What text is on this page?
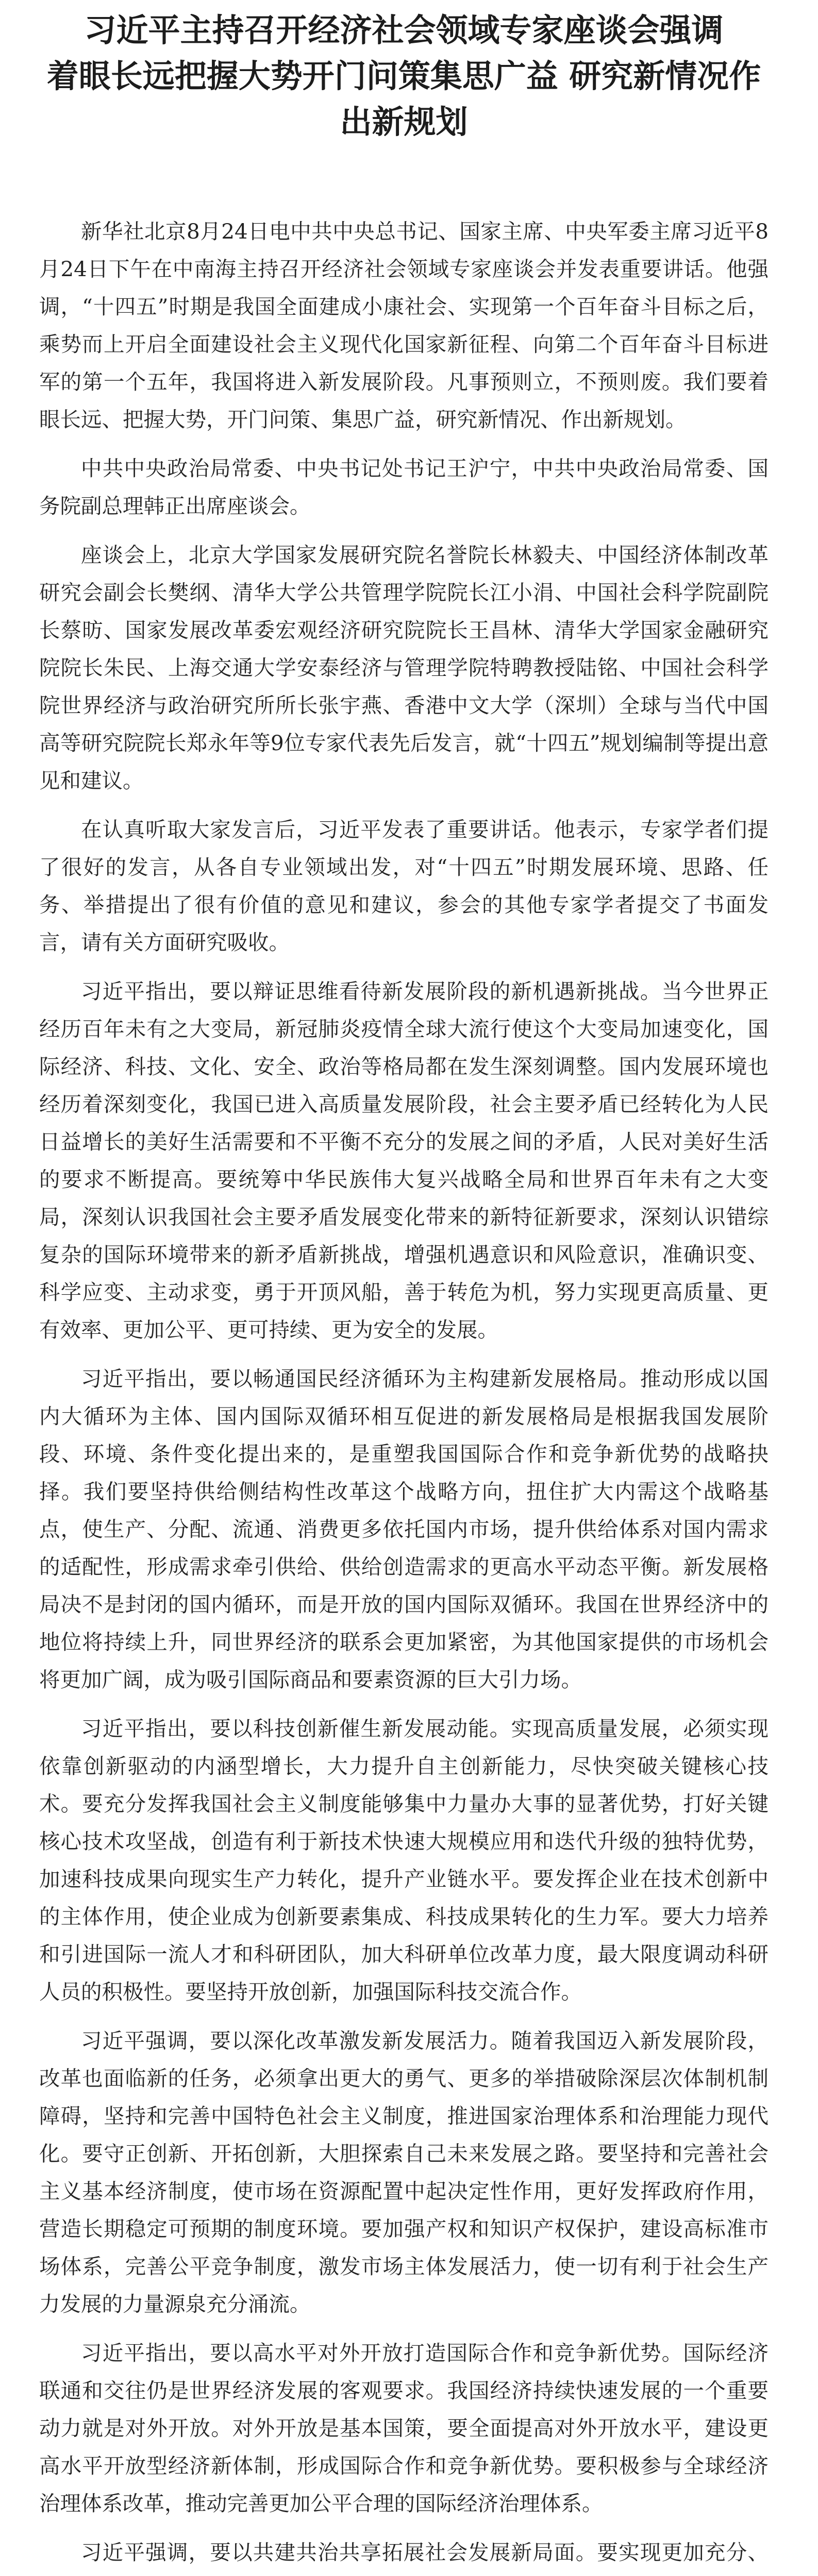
习近平主持召开经济社会领域专家座谈会强调
着眼长远把握大势开门问策集思广益 研究新情况作
出新规划

新华社北京8月24日电中共中央总书记、国家主席、中央军委主席习近平8月24日下午在中南海主持召开经济社会领域专家座谈会并发表重要讲话。他强调，“十四五”时期是我国全面建成小康社会、实现第一个百年奋斗目标之后，乘势而上开启全面建设社会主义现代化国家新征程、向第二个百年奋斗目标进军的第一个五年，我国将进入新发展阶段。凡事预则立，不预则废。我们要着眼长远、把握大势，开门问策、集思广益，研究新情况、作出新规划。

中共中央政治局常委、中央书记处书记王沪宁，中共中央政治局常委、国务院副总理韩正出席座谈会。

座谈会上，北京大学国家发展研究院名誉院长林毅夫、中国经济体制改革研究会副会长樊纲、清华大学公共管理学院院长江小涓、中国社会科学院副院长蔡昉、国家发展改革委宏观经济研究院院长王昌林、清华大学国家金融研究院院长朱民、上海交通大学安泰经济与管理学院特聘教授陆铭、中国社会科学院世界经济与政治研究所所长张宇燕、香港中文大学（深圳）全球与当代中国高等研究院院长郑永年等9位专家代表先后发言，就“十四五”规划编制等提出意见和建议。

在认真听取大家发言后，习近平发表了重要讲话。他表示，专家学者们提了很好的发言，从各自专业领域出发，对“十四五”时期发展环境、思路、任务、举措提出了很有价值的意见和建议，参会的其他专家学者提交了书面发言，请有关方面研究吸收。

习近平指出，要以辩证思维看待新发展阶段的新机遇新挑战。当今世界正经历百年未有之大变局，新冠肺炎疫情全球大流行使这个大变局加速变化，国际经济、科技、文化、安全、政治等格局都在发生深刻调整。国内发展环境也经历着深刻变化，我国已进入高质量发展阶段，社会主要矛盾已经转化为人民日益增长的美好生活需要和不平衡不充分的发展之间的矛盾，人民对美好生活的要求不断提高。要统筹中华民族伟大复兴战略全局和世界百年未有之大变局，深刻认识我国社会主要矛盾发展变化带来的新特征新要求，深刻认识错综复杂的国际环境带来的新矛盾新挑战，增强机遇意识和风险意识，准确识变、科学应变、主动求变，勇于开顶风船，善于转危为机，努力实现更高质量、更有效率、更加公平、更可持续、更为安全的发展。

习近平指出，要以畅通国民经济循环为主构建新发展格局。推动形成以国内大循环为主体、国内国际双循环相互促进的新发展格局是根据我国发展阶段、环境、条件变化提出来的，是重塑我国国际合作和竞争新优势的战略抉择。我们要坚持供给侧结构性改革这个战略方向，扭住扩大内需这个战略基点，使生产、分配、流通、消费更多依托国内市场，提升供给体系对国内需求的适配性，形成需求牵引供给、供给创造需求的更高水平动态平衡。新发展格局决不是封闭的国内循环，而是开放的国内国际双循环。我国在世界经济中的地位将持续上升，同世界经济的联系会更加紧密，为其他国家提供的市场机会将更加广阔，成为吸引国际商品和要素资源的巨大引力场。

习近平指出，要以科技创新催生新发展动能。实现高质量发展，必须实现依靠创新驱动的内涵型增长，大力提升自主创新能力，尽快突破关键核心技术。要充分发挥我国社会主义制度能够集中力量办大事的显著优势，打好关键核心技术攻坚战，创造有利于新技术快速大规模应用和迭代升级的独特优势，加速科技成果向现实生产力转化，提升产业链水平。要发挥企业在技术创新中的主体作用，使企业成为创新要素集成、科技成果转化的生力军。要大力培养和引进国际一流人才和科研团队，加大科研单位改革力度，最大限度调动科研人员的积极性。要坚持开放创新，加强国际科技交流合作。

习近平强调，要以深化改革激发新发展活力。随着我国迈入新发展阶段，改革也面临新的任务，必须拿出更大的勇气、更多的举措破除深层次体制机制障碍，坚持和完善中国特色社会主义制度，推进国家治理体系和治理能力现代化。要守正创新、开拓创新，大胆探索自己未来发展之路。要坚持和完善社会主义基本经济制度，使市场在资源配置中起决定性作用，更好发挥政府作用，营造长期稳定可预期的制度环境。要加强产权和知识产权保护，建设高标准市场体系，完善公平竞争制度，激发市场主体发展活力，使一切有利于社会生产力发展的力量源泉充分涌流。

习近平指出，要以高水平对外开放打造国际合作和竞争新优势。国际经济联通和交往仍是世界经济发展的客观要求。我国经济持续快速发展的一个重要动力就是对外开放。对外开放是基本国策，要全面提高对外开放水平，建设更高水平开放型经济新体制，形成国际合作和竞争新优势。要积极参与全球经济治理体系改革，推动完善更加公平合理的国际经济治理体系。

习近平强调，要以共建共治共享拓展社会发展新局面。要实现更加充分、
